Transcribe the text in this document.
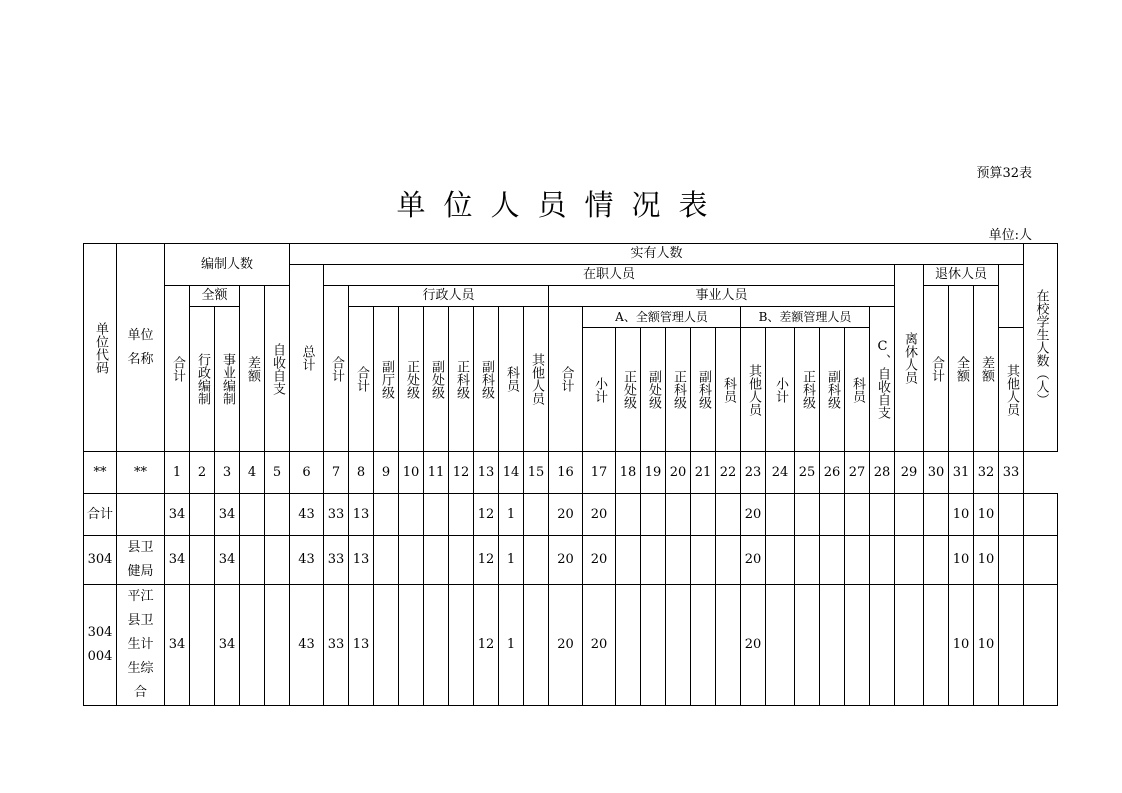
预算32表
单位人员情况表
单位:人
单位代码	单位名称	编制人数					实有人数																												在校学生人数（人）
							总计	在职人员																						离休人员	退休人员				
		合计	全额		差额	自收自支		合计	行政人员								事业人员														合计	全额	差额		
			行政编制	事业编制					合计	副厅级	正处级	副处级	正科级	副科级	科员	其他人员	合计	A、全额管理人员						B、差额管理人员					C、自收自支						
																		小计	正处级	副处级	正科级	副科级	科员	其他人员	小计	正科级	副科级	科员						其他人员	
**	**	1	2	3	4	5	6	7	8	9	10	11	12	13	14	15	16	17	18	19	20	21	22	23	24	25	26	27	28	29	30	31	32	33	
合计		34		34			43	33	13					12	1		20	20						20								10	10		
304	县卫健局	34		34			43	33	13					12	1		20	20						20								10	10		
304004	平江县卫生计生综合	34		34			43	33	13					12	1		20	20						20								10	10		
